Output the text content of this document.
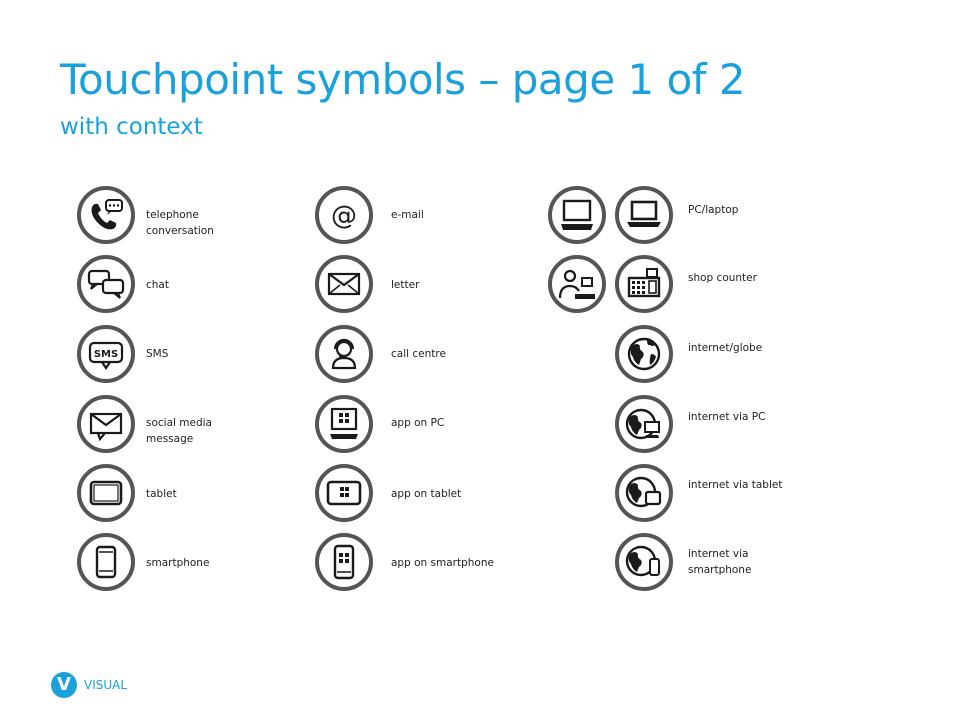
Touchpoint symbols – page 1 of 2
with context
telephone conversation
chat
SMS	SMS
social media message
tablet
smartphone
@	e-mail
letter
call centre
app on PC
app on tablet
app on smartphone
PC/laptop
shop counter
internet/globe
internet via PC
internet via tablet
internet via smartphone
V	VISUAL
